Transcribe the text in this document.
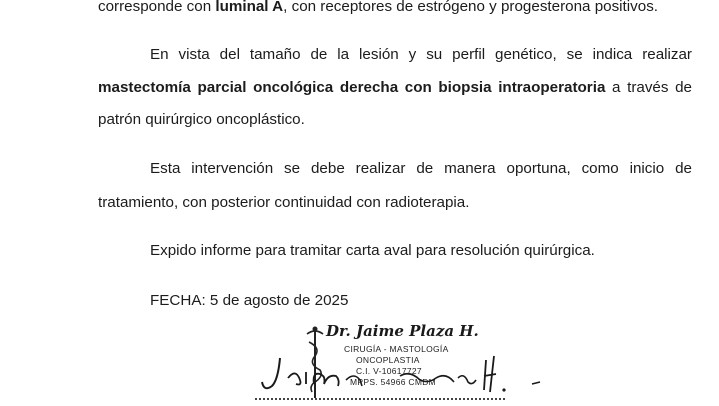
corresponde con luminal A, con receptores de estrógeno y progesterona positivos.
En vista del tamaño de la lesión y su perfil genético, se indica realizar
mastectomía parcial oncológica derecha con biopsia intraoperatoria a través de
patrón quirúrgico oncoplástico.
Esta intervención se debe realizar de manera oportuna, como inicio de
tratamiento, con posterior continuidad con radioterapia.
Expido informe para tramitar carta aval para resolución quirúrgica.
FECHA: 5 de agosto de 2025
Dr. Jaime Plaza H.
CIRUGÍA - MASTOLOGÍA
ONCOPLASTIA
C.I. V-10617727
MPPS. 54966 CMDM
